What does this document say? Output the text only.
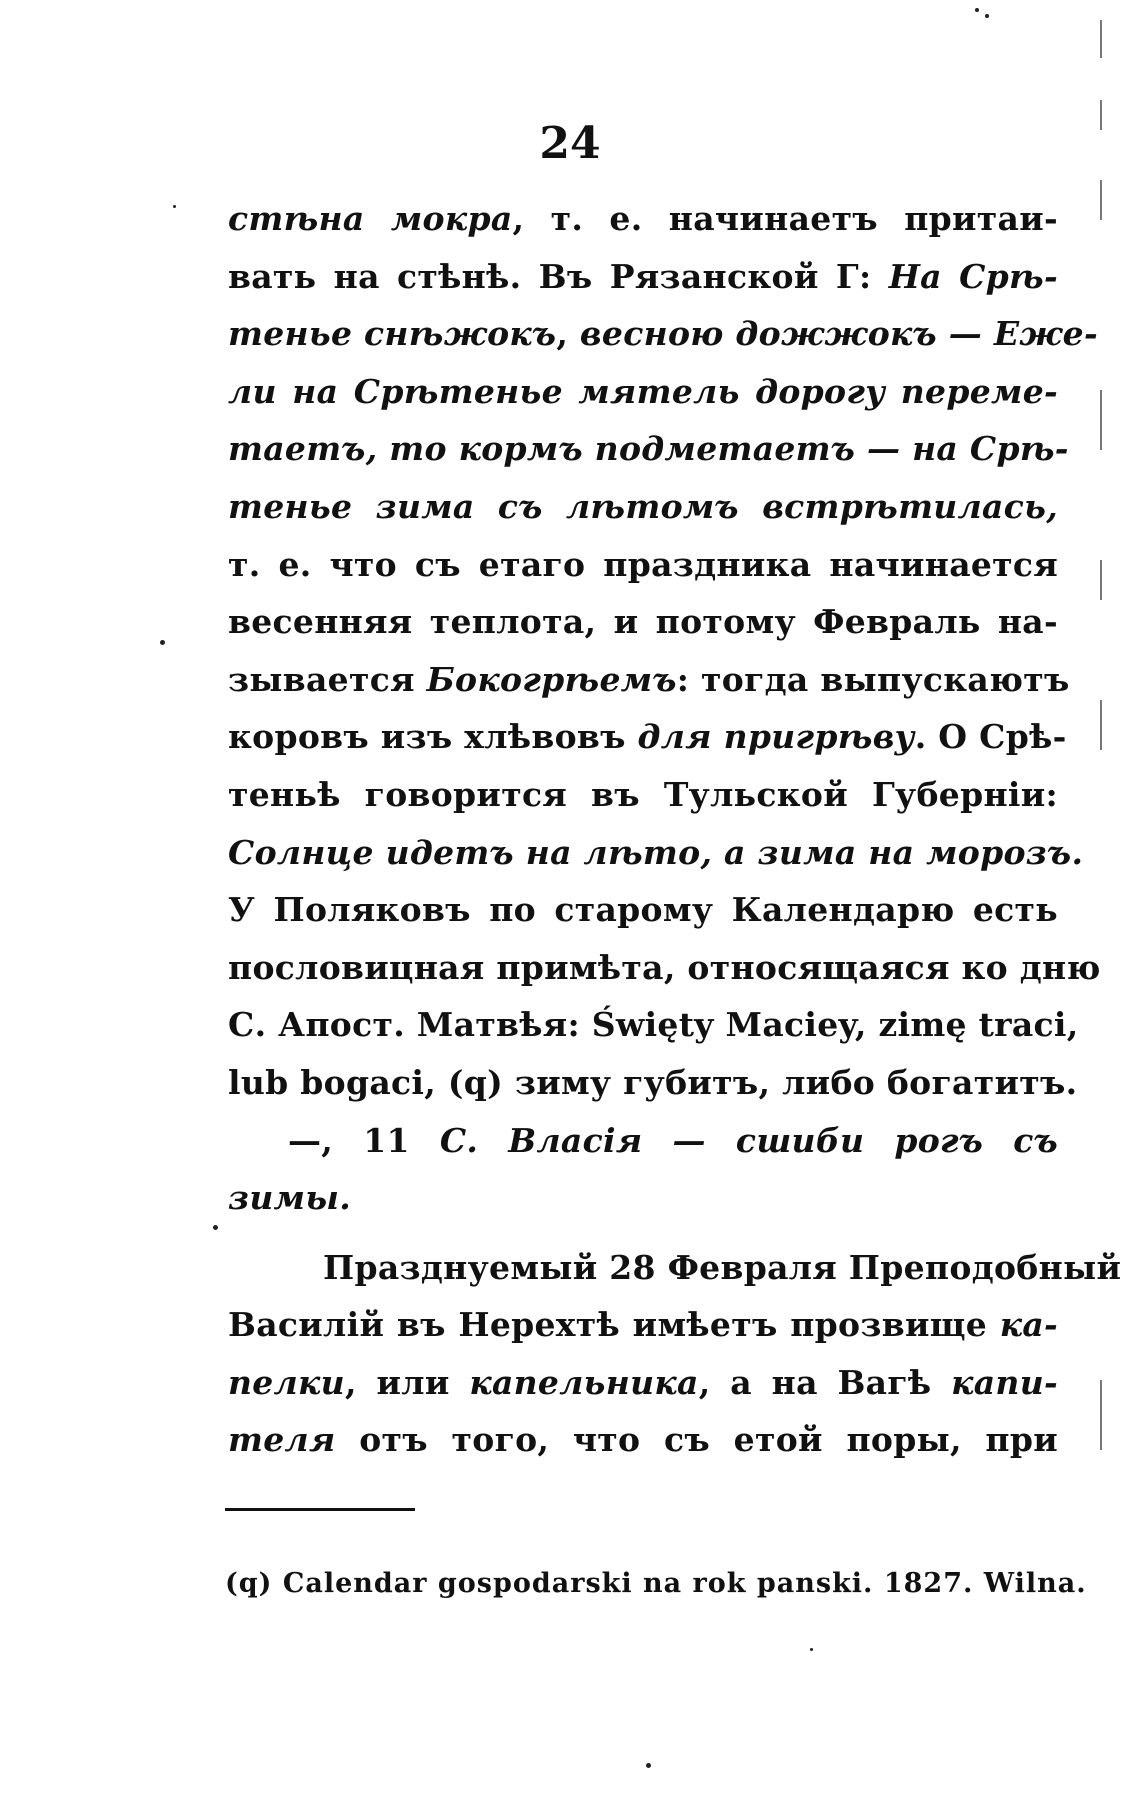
24
стѣна мокра, т. е. начинаетъ притаи-
вать на стѣнѣ. Въ Рязанской Г: На Срѣ-
тенье снѣжокъ, весною дожжокъ — Еже-
ли на Срѣтенье мятель дорогу переме-
таетъ, то кормъ подметаетъ — на Срѣ-
тенье зима съ лѣтомъ встрѣтилась,
т. е. что съ етаго праздника начинается
весенняя теплота, и потому Февраль на-
зывается Бокогрѣемъ: тогда выпускаютъ
коровъ изъ хлѣвовъ для пригрѣву. О Срѣ-
теньѣ говорится въ Тульской Губерніи:
Солнце идетъ на лѣто, а зима на морозъ.
У Поляковъ по старому Календарю есть
пословицная примѣта, относящаяся ко дню
С. Апост. Матвѣя: Święty Maciey, zimę traci,
lub bogaci, (q) зиму губитъ, либо богатитъ.
—, 11 С. Власія — сшиби рогъ съ
зимы.
Празднуемый 28 Февраля Преподобный
Василій въ Нерехтѣ имѣетъ прозвище ка-
пелки, или капельника, а на Вагѣ капи-
теля отъ того, что съ етой поры, при
(q) Calendar gospodarski na rok panski. 1827. Wilna.
